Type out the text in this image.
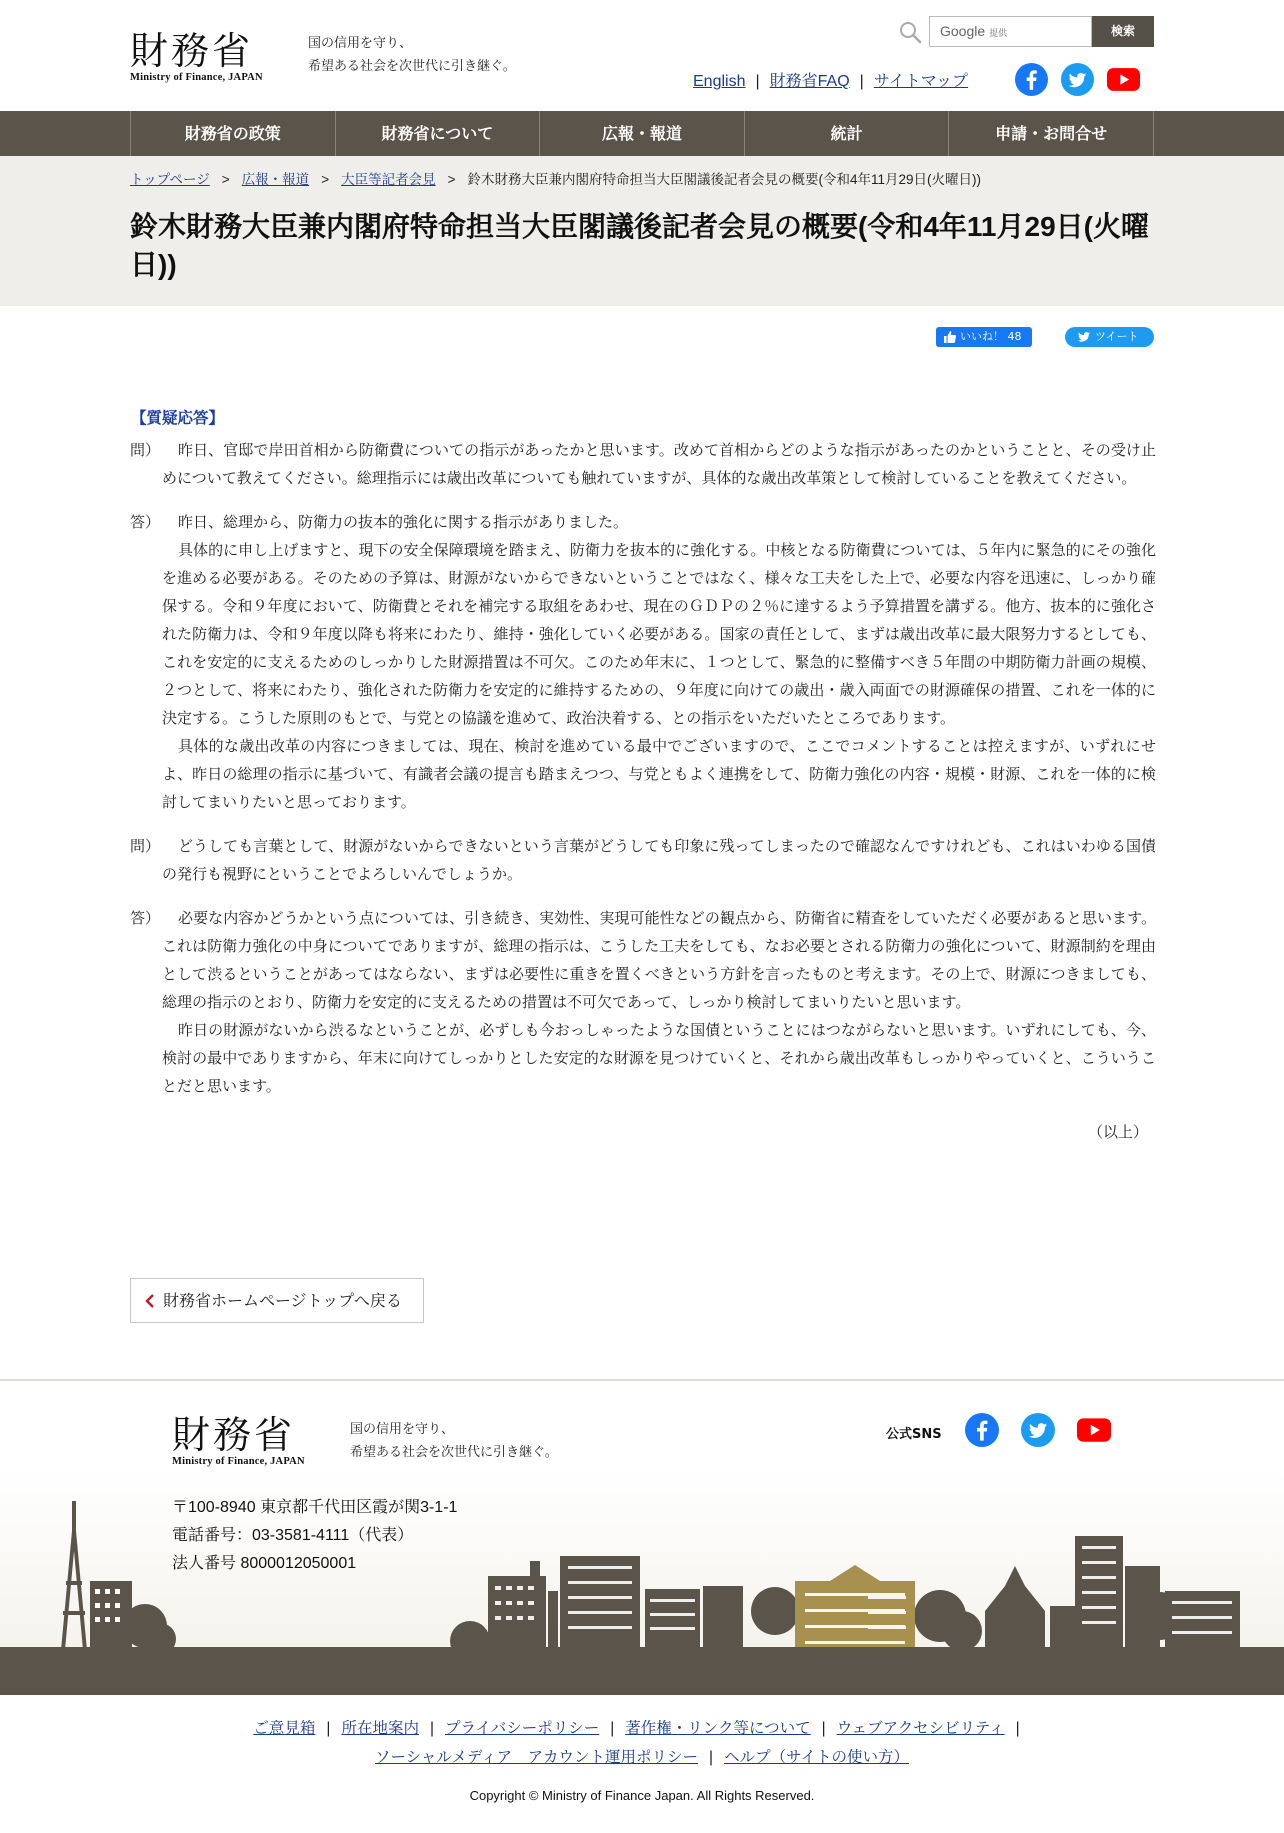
財務省
Ministry of Finance, JAPAN
国の信用を守り、
希望ある社会を次世代に引き継ぐ。
Google 提供	検索
English | 財務省FAQ | サイトマップ
財務省の政策	財務省について	広報・報道	統計	申請・お問合せ
トップページ > 広報・報道 > 大臣等記者会見 > 鈴木財務大臣兼内閣府特命担当大臣閣議後記者会見の概要(令和4年11月29日(火曜日))
鈴木財務大臣兼内閣府特命担当大臣閣議後記者会見の概要(令和4年11月29日(火曜日))
いいね！ 48	ツイート
【質疑応答】
問）	昨日、官邸で岸田首相から防衛費についての指示があったかと思います。改めて首相からどのような指示があったのかということと、その受け止めについて教えてください。総理指示には歳出改革についても触れていますが、具体的な歳出改革策として検討していることを教えてください。

答）	昨日、総理から、防衛力の抜本的強化に関する指示がありました。

具体的に申し上げますと、現下の安全保障環境を踏まえ、防衛力を抜本的に強化する。中核となる防衛費については、５年内に緊急的にその強化を進める必要がある。そのための予算は、財源がないからできないということではなく、様々な工夫をした上で、必要な内容を迅速に、しっかり確保する。令和９年度において、防衛費とそれを補完する取組をあわせ、現在のＧＤＰの２％に達するよう予算措置を講ずる。他方、抜本的に強化された防衛力は、令和９年度以降も将来にわたり、維持・強化していく必要がある。国家の責任として、まずは歳出改革に最大限努力するとしても、これを安定的に支えるためのしっかりした財源措置は不可欠。このため年末に、１つとして、緊急的に整備すべき５年間の中期防衛力計画の規模、２つとして、将来にわたり、強化された防衛力を安定的に維持するための、９年度に向けての歳出・歳入両面での財源確保の措置、これを一体的に決定する。こうした原則のもとで、与党との協議を進めて、政治決着する、との指示をいただいたところであります。

具体的な歳出改革の内容につきましては、現在、検討を進めている最中でございますので、ここでコメントすることは控えますが、いずれにせよ、昨日の総理の指示に基づいて、有識者会議の提言も踏まえつつ、与党ともよく連携をして、防衛力強化の内容・規模・財源、これを一体的に検討してまいりたいと思っております。

問）	どうしても言葉として、財源がないからできないという言葉がどうしても印象に残ってしまったので確認なんですけれども、これはいわゆる国債の発行も視野にということでよろしいんでしょうか。

答）	必要な内容かどうかという点については、引き続き、実効性、実現可能性などの観点から、防衛省に精査をしていただく必要があると思います。これは防衛力強化の中身についてでありますが、総理の指示は、こうした工夫をしても、なお必要とされる防衛力の強化について、財源制約を理由として渋るということがあってはならない、まずは必要性に重きを置くべきという方針を言ったものと考えます。その上で、財源につきましても、総理の指示のとおり、防衛力を安定的に支えるための措置は不可欠であって、しっかり検討してまいりたいと思います。

昨日の財源がないから渋るなということが、必ずしも今おっしゃったような国債ということにはつながらないと思います。いずれにしても、今、検討の最中でありますから、年末に向けてしっかりとした安定的な財源を見つけていくと、それから歳出改革もしっかりやっていくと、こういうことだと思います。

（以上）
財務省ホームページトップへ戻る
財務省
Ministry of Finance, JAPAN
国の信用を守り、
希望ある社会を次世代に引き継ぐ。
公式SNS
〒100-8940 東京都千代田区霞が関3-1-1
電話番号：03-3581-4111（代表）
法人番号 8000012050001
ご意見箱 | 所在地案内 | プライバシーポリシー | 著作権・リンク等について | ウェブアクセシビリティ |
ソーシャルメディア　アカウント運用ポリシー | ヘルプ（サイトの使い方）
Copyright © Ministry of Finance Japan. All Rights Reserved.
